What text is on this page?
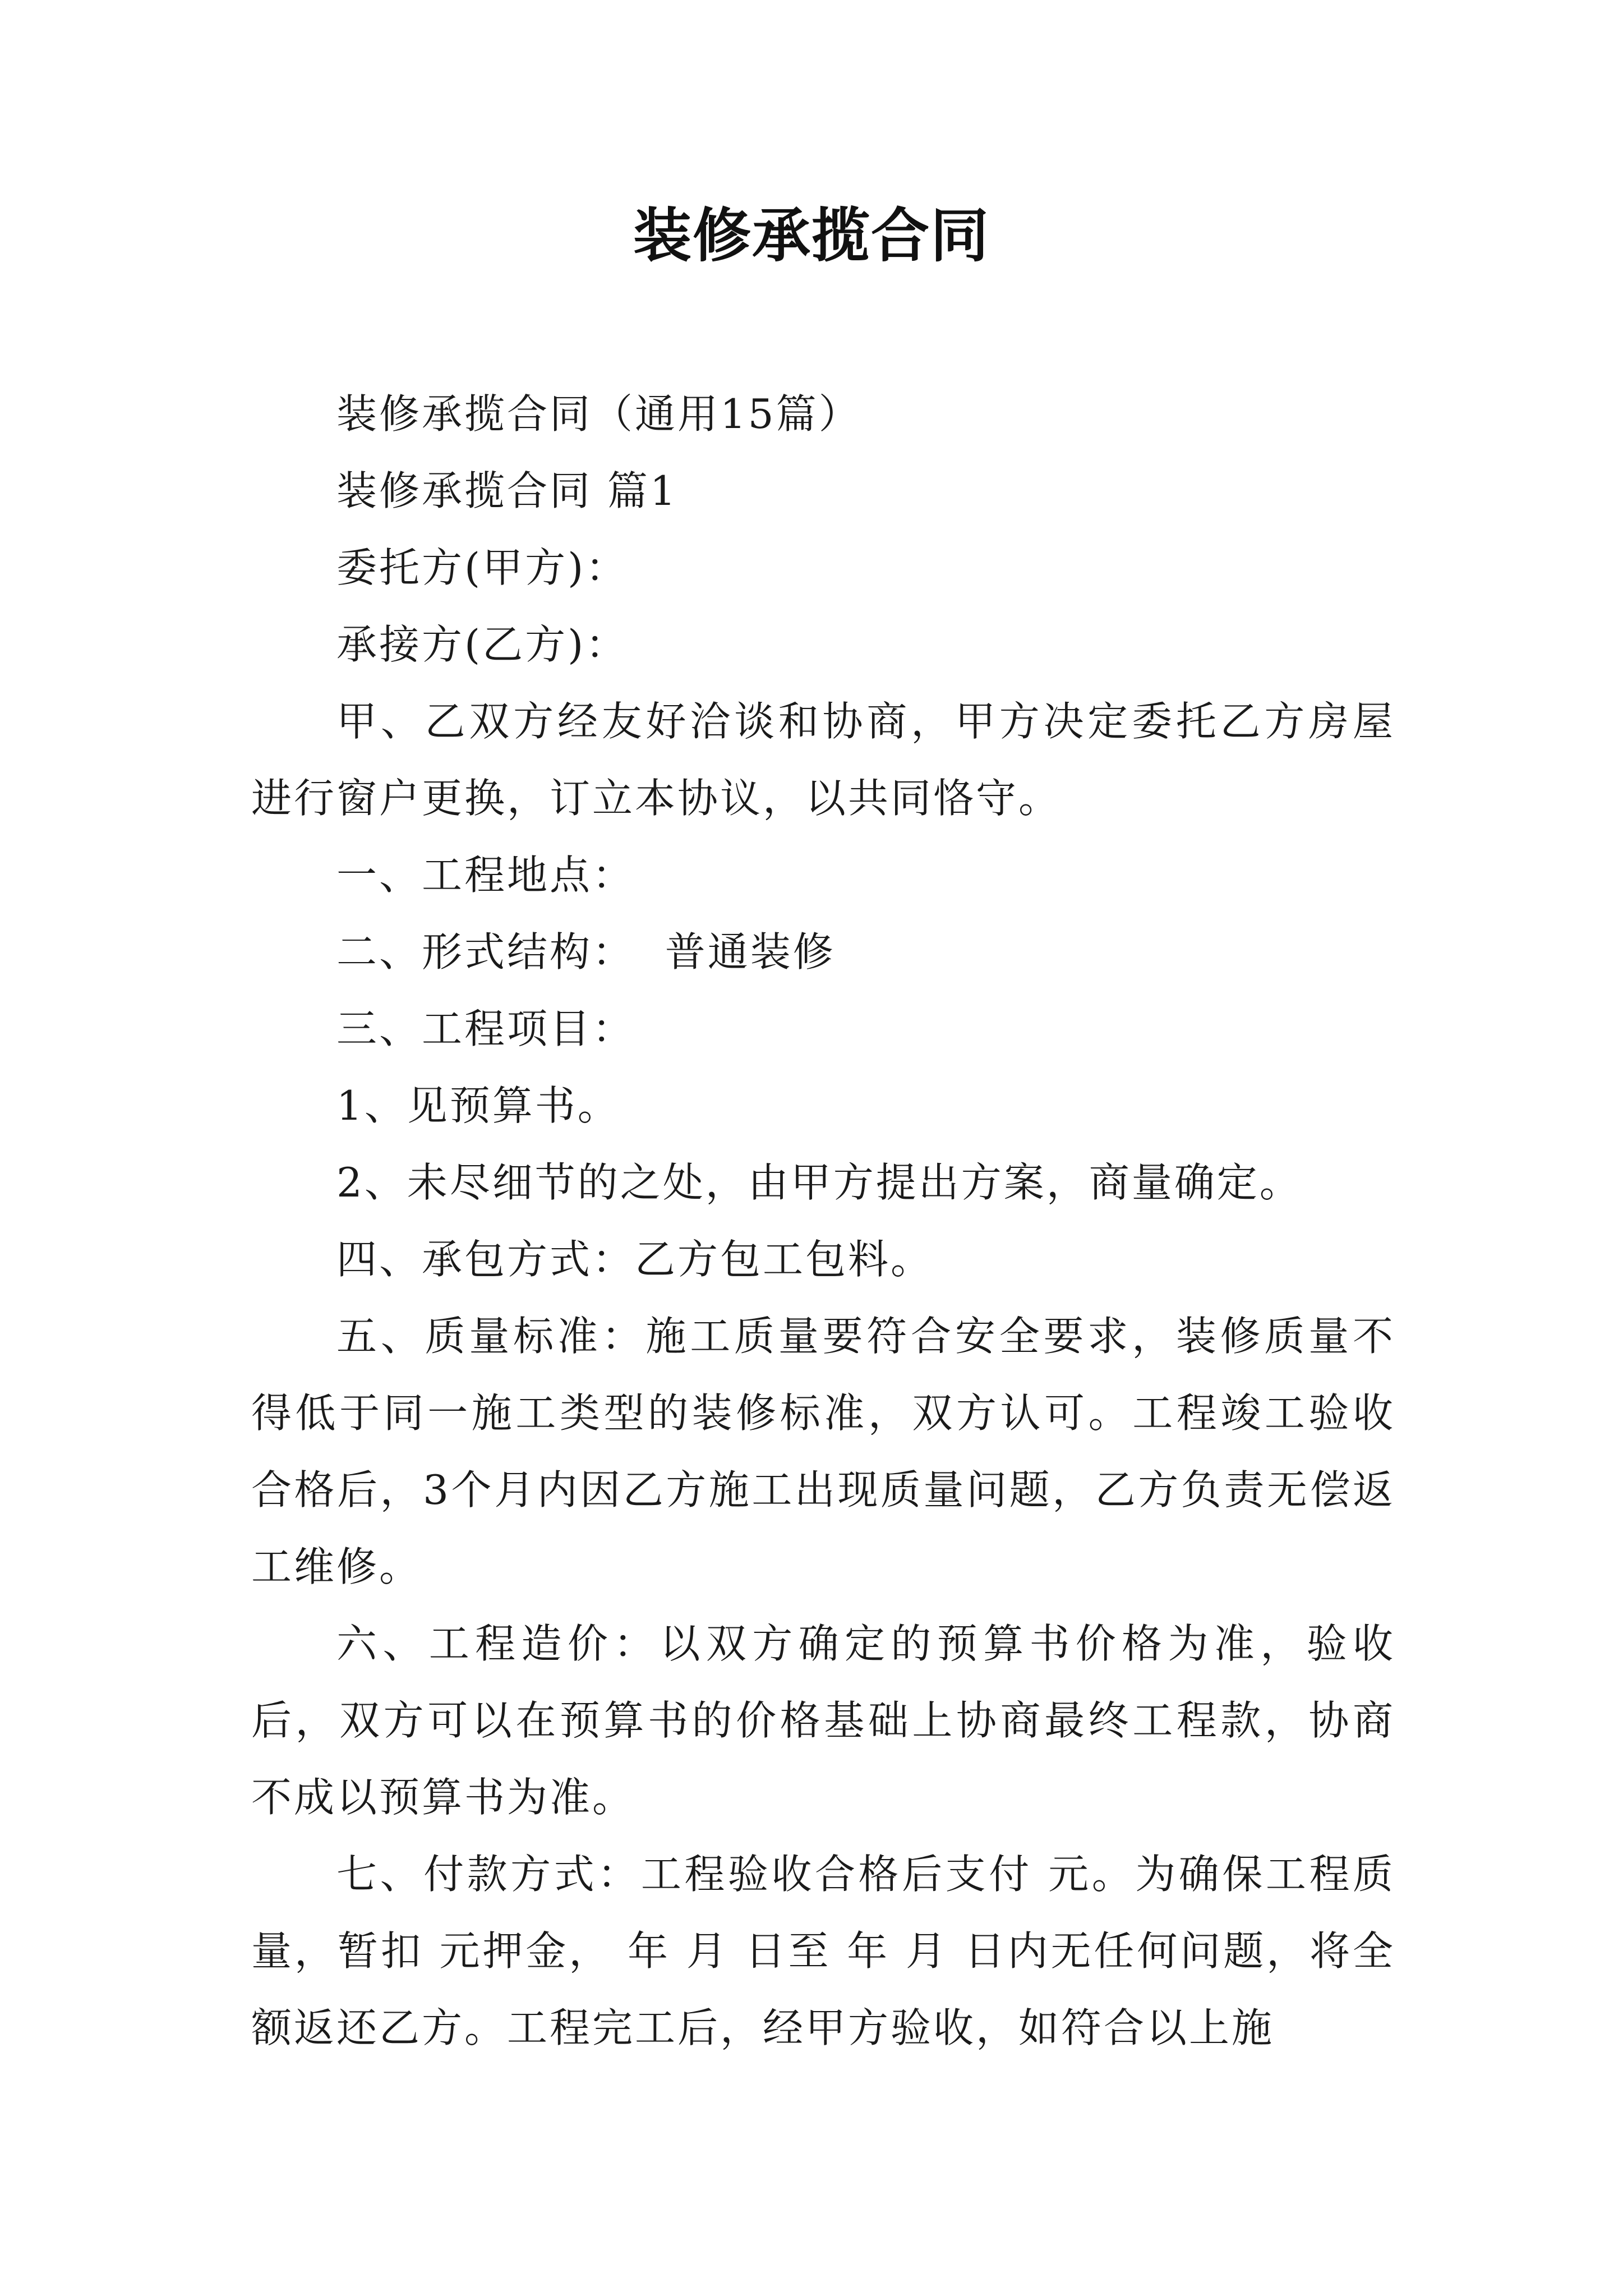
装修承揽合同

装修承揽合同（通用15篇）

装修承揽合同 篇1

委托方(甲方)：

承接方(乙方)：

甲、乙双方经友好洽谈和协商，甲方决定委托乙方房屋进行窗户更换，订立本协议，以共同恪守。

一、工程地点：

二、形式结构：  普通装修

三、工程项目：

1、见预算书。

2、未尽细节的之处，由甲方提出方案，商量确定。

四、承包方式：乙方包工包料。

五、质量标准：施工质量要符合安全要求，装修质量不得低于同一施工类型的装修标准，双方认可。工程竣工验收合格后，3个月内因乙方施工出现质量问题，乙方负责无偿返工维修。

六、工程造价：以双方确定的预算书价格为准，验收后，双方可以在预算书的价格基础上协商最终工程款，协商不成以预算书为准。

七、付款方式：工程验收合格后支付 元。为确保工程质量，暂扣 元押金， 年 月 日至 年 月 日内无任何问题，将全额返还乙方。工程完工后，经甲方验收，如符合以上施
